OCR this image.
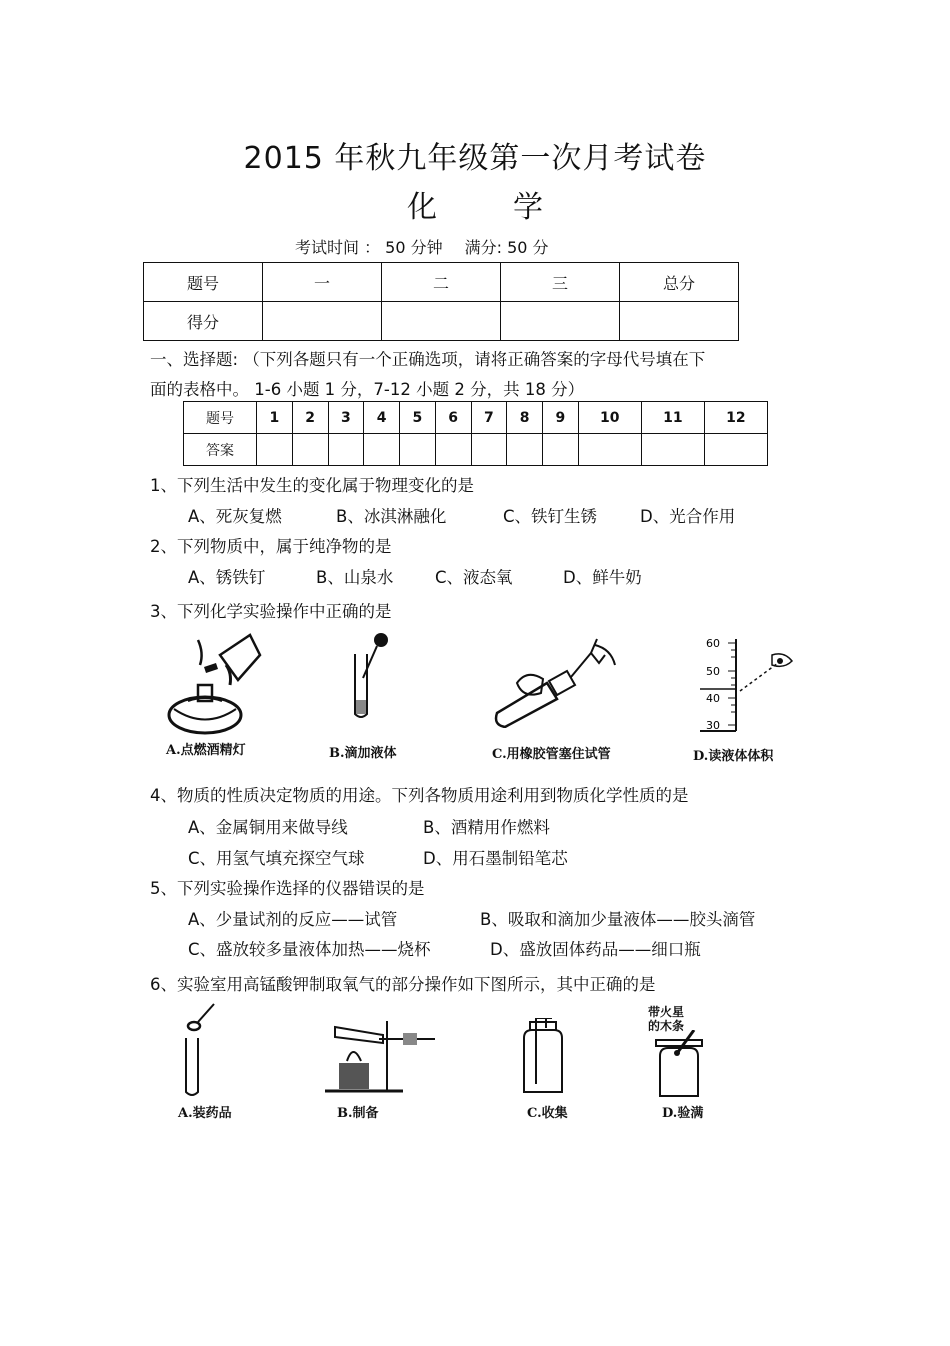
2015 年秋九年级第一次月考试卷
化	学
考试时间 ： 50 分钟 满分: 50 分
题号	一	二	三	总分
得分				
一、选择题: （下列各题只有一个正确选项，请将正确答案的字母代号填在下
面的表格中。 1-6 小题 1 分，7-12 小题 2 分，共 18 分）
题号	1	2	3	4	5	6	7	8	9	10	11	12
答案												
1、下列生活中发生的变化属于物理变化的是
A、死灰复燃	B、冰淇淋融化	C、铁钉生锈	D、光合作用
2、下列物质中，属于纯净物的是
A、锈铁钉	B、山泉水	C、液态氧	D、鲜牛奶
3、下列化学实验操作中正确的是
A.点燃酒精灯	B.滴加液体	C.用橡胶管塞住试管
60
50
40
30
D.读液体体积
4、物质的性质决定物质的用途。下列各物质用途利用到物质化学性质的是
A、金属铜用来做导线	B、酒精用作燃料
C、用氢气填充探空气球	D、用石墨制铅笔芯
5、下列实验操作选择的仪器错误的是
A、少量试剂的反应——试管	B、吸取和滴加少量液体——胶头滴管
C、盛放较多量液体加热——烧杯	D、盛放固体药品——细口瓶
6、实验室用高锰酸钾制取氧气的部分操作如下图所示，其中正确的是
A.装药品	B.制备	C.收集
带火星
的木条
D.验满
